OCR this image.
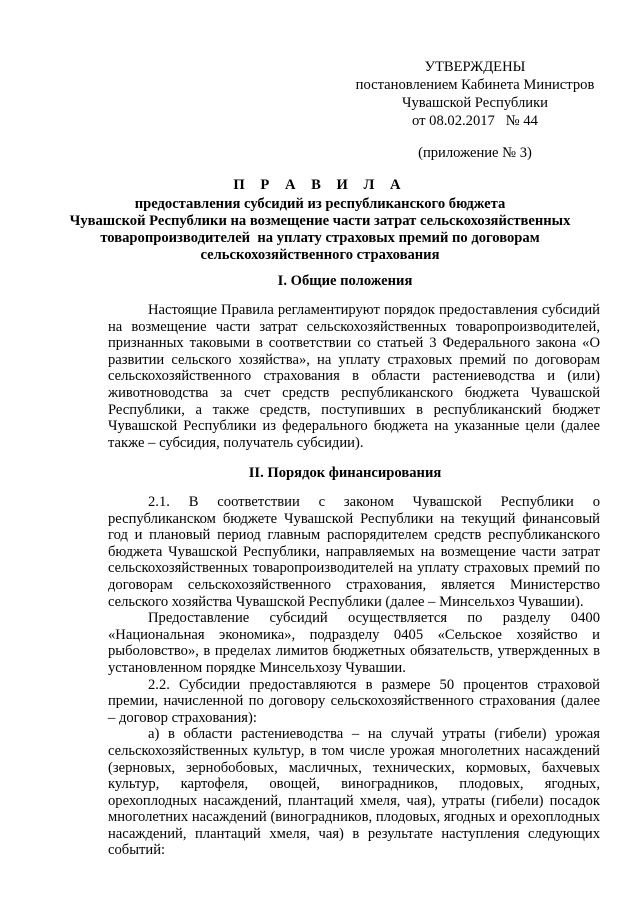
УТВЕРЖДЕНЫ
постановлением Кабинета Министров
Чувашской Республики
от 08.02.2017   № 44
(приложение № 3)
П Р А В И Л А
предоставления субсидий из республиканского бюджета
Чувашской Республики на возмещение части затрат сельскохозяйственных
товаропроизводителей  на уплату страховых премий по договорам
сельскохозяйственного страхования
I. Общие положения

Настоящие Правила регламентируют порядок предоставления субсидий на возмещение части затрат сельскохозяйственных товаропроизводителей, признанных таковыми в соответствии со статьей 3 Федерального закона «О развитии сельского хозяйства», на уплату страховых премий по договорам сельскохозяйственного страхования в области растениеводства и (или) животноводства за счет средств республиканского бюджета Чувашской Республики, а также средств, поступивших в республиканский бюджет Чувашской Республики из федерального бюджета на указанные цели (далее также – субсидия, получатель субсидии).

II. Порядок финансирования

2.1. В соответствии с законом Чувашской Республики о республиканском бюджете Чувашской Республики на текущий финансовый год и плановый период главным распорядителем средств республиканского бюджета Чувашской Республики, направляемых на возмещение части затрат сельскохозяйственных товаропроизводителей на уплату страховых премий по договорам сельскохозяйственного страхования, является Министерство сельского хозяйства Чувашской Республики (далее – Минсельхоз Чувашии).

Предоставление субсидий осуществляется по разделу 0400 «Национальная экономика», подразделу 0405 «Сельское хозяйство и рыболовство», в пределах лимитов бюджетных обязательств, утвержденных в установленном порядке Минсельхозу Чувашии.

2.2. Субсидии предоставляются в размере 50 процентов страховой премии, начисленной по договору сельскохозяйственного страхования (далее – договор страхования):

а) в области растениеводства – на случай утраты (гибели) урожая сельскохозяйственных культур, в том числе урожая многолетних насаждений (зерновых, зернобобовых, масличных, технических, кормовых, бахчевых культур, картофеля, овощей, виноградников, плодовых, ягодных, орехоплодных насаждений, плантаций хмеля, чая), утраты (гибели) посадок многолетних насаждений (виноградников, плодовых, ягодных и орехоплодных насаждений, плантаций хмеля, чая) в результате наступления следующих событий:
